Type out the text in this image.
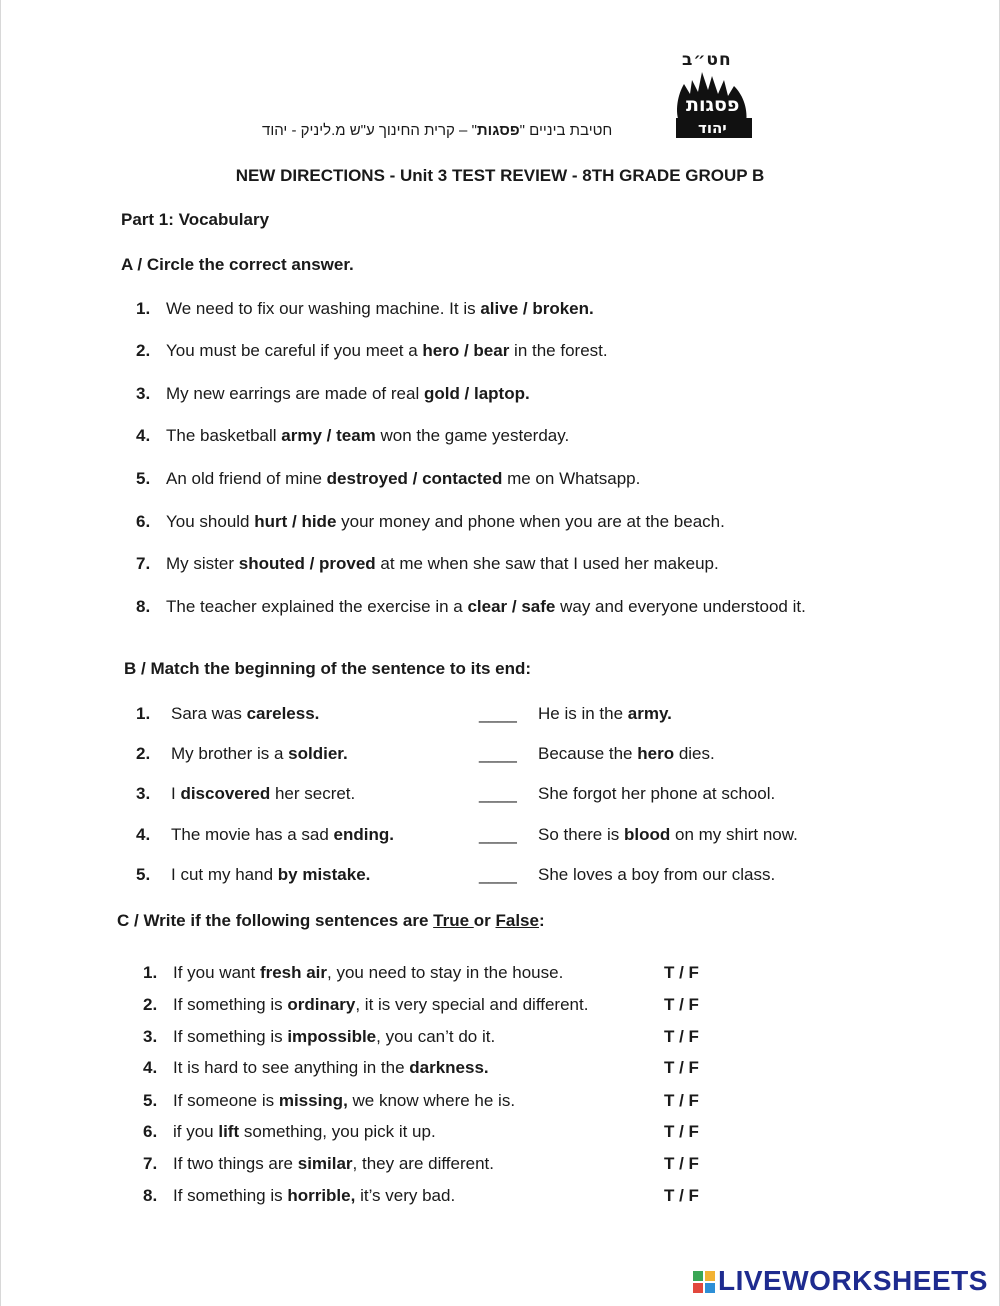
חט״ב
פסגות
יהוד
חטיבת ביניים "פסגות" – קרית החינוך ע"ש מ.ליניק - יהוד
NEW DIRECTIONS - Unit 3 TEST REVIEW - 8TH GRADE GROUP B
Part 1: Vocabulary
A / Circle the correct answer.
1. We need to fix our washing machine. It is alive / broken.
2. You must be careful if you meet a hero / bear in the forest.
3. My new earrings are made of real gold / laptop.
4. The basketball army / team won the game yesterday.
5. An old friend of mine destroyed / contacted me on Whatsapp.
6. You should hurt / hide your money and phone when you are at the beach.
7. My sister shouted / proved at me when she saw that I used her makeup.
8. The teacher explained the exercise in a clear / safe way and everyone understood it.
B / Match the beginning of the sentence to its end:
1. Sara was careless.	____ He is in the army.
2. My brother is a soldier.	____ Because the hero dies.
3. I discovered her secret.	____ She forgot her phone at school.
4. The movie has a sad ending.	____ So there is blood on my shirt now.
5. I cut my hand by mistake.	____ She loves a boy from our class.
C / Write if the following sentences are True or False:
1. If you want fresh air, you need to stay in the house.	T / F
2. If something is ordinary, it is very special and different.	T / F
3. If something is impossible, you can’t do it.	T / F
4. It is hard to see anything in the darkness.	T / F
5. If someone is missing, we know where he is.	T / F
6. if you lift something, you pick it up.	T / F
7. If two things are similar, they are different.	T / F
8. If something is horrible, it’s very bad.	T / F
LIVEWORKSHEETS
